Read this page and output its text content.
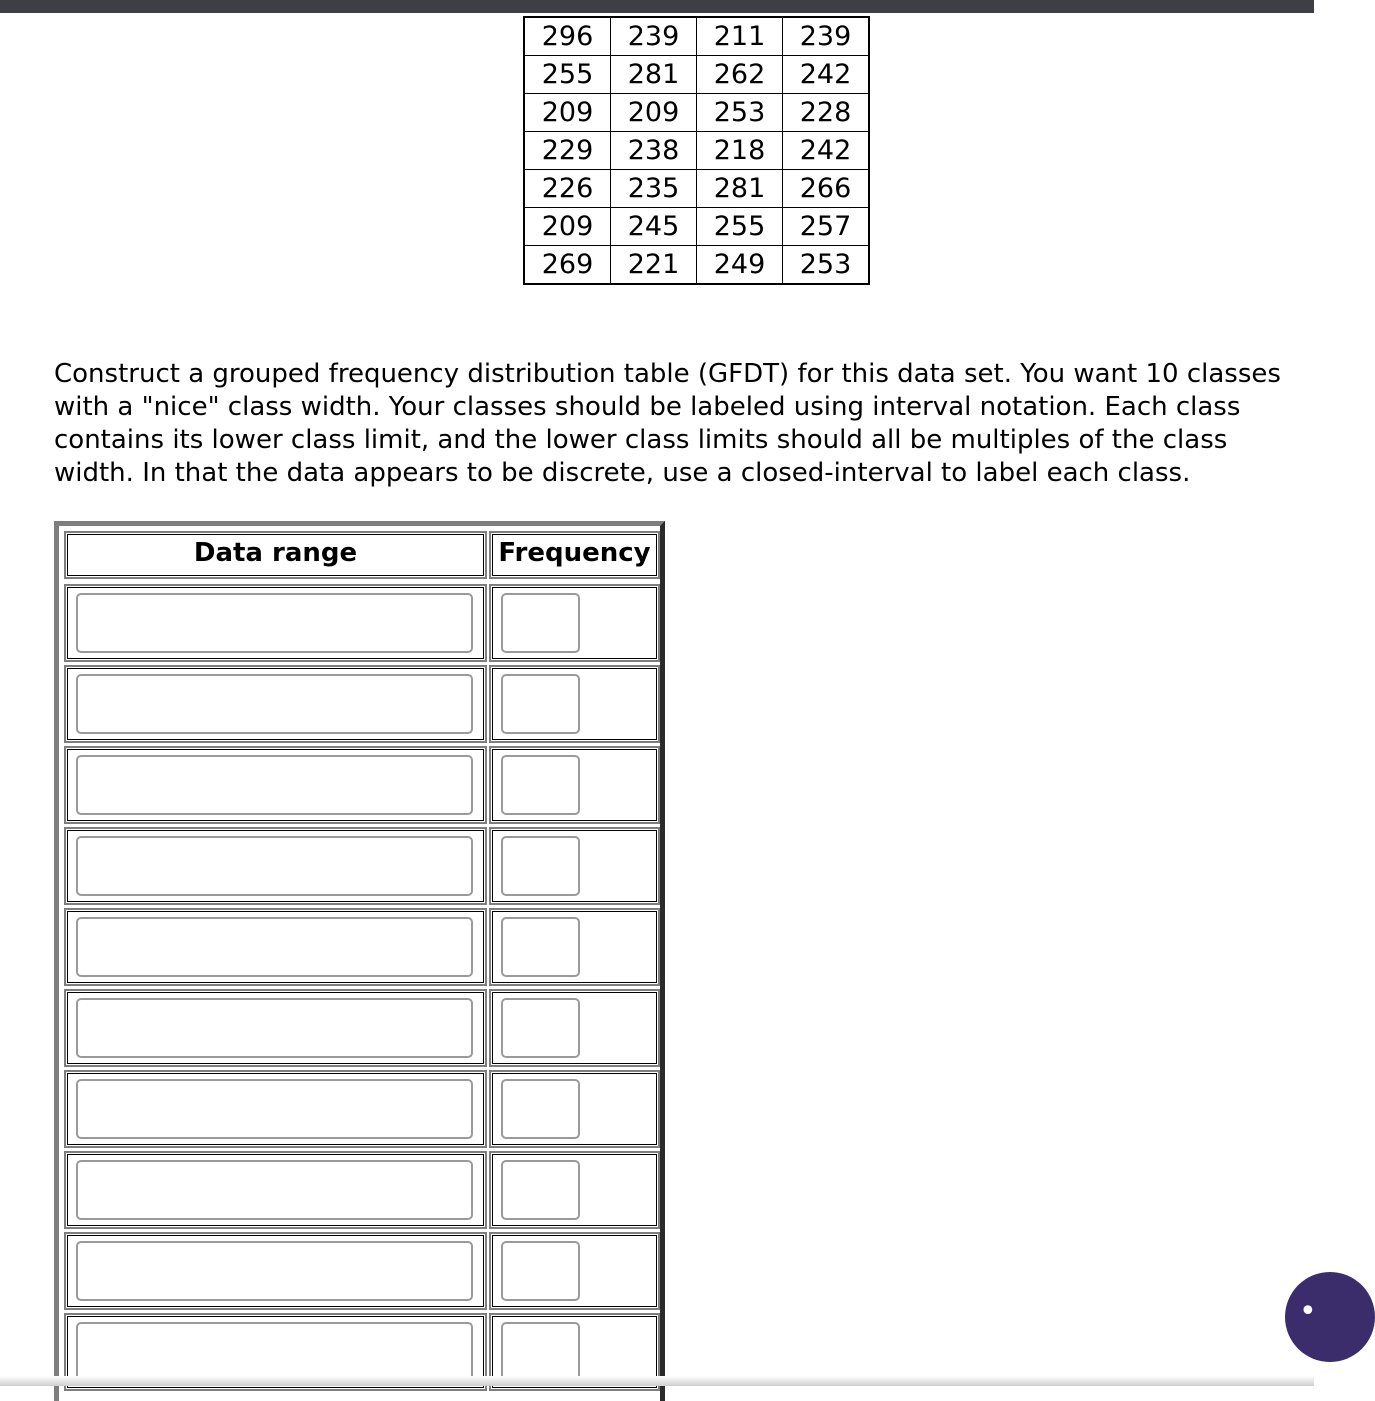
296	239	211	239
255	281	262	242
209	209	253	228
229	238	218	242
226	235	281	266
209	245	255	257
269	221	249	253

Construct a grouped frequency distribution table (GFDT) for this data set. You want 10 classes with a "nice" class width. Your classes should be labeled using interval notation. Each class contains its lower class limit, and the lower class limits should all be multiples of the class width. In that the data appears to be discrete, use a closed-interval to label each class.

Data range	Frequency
•
